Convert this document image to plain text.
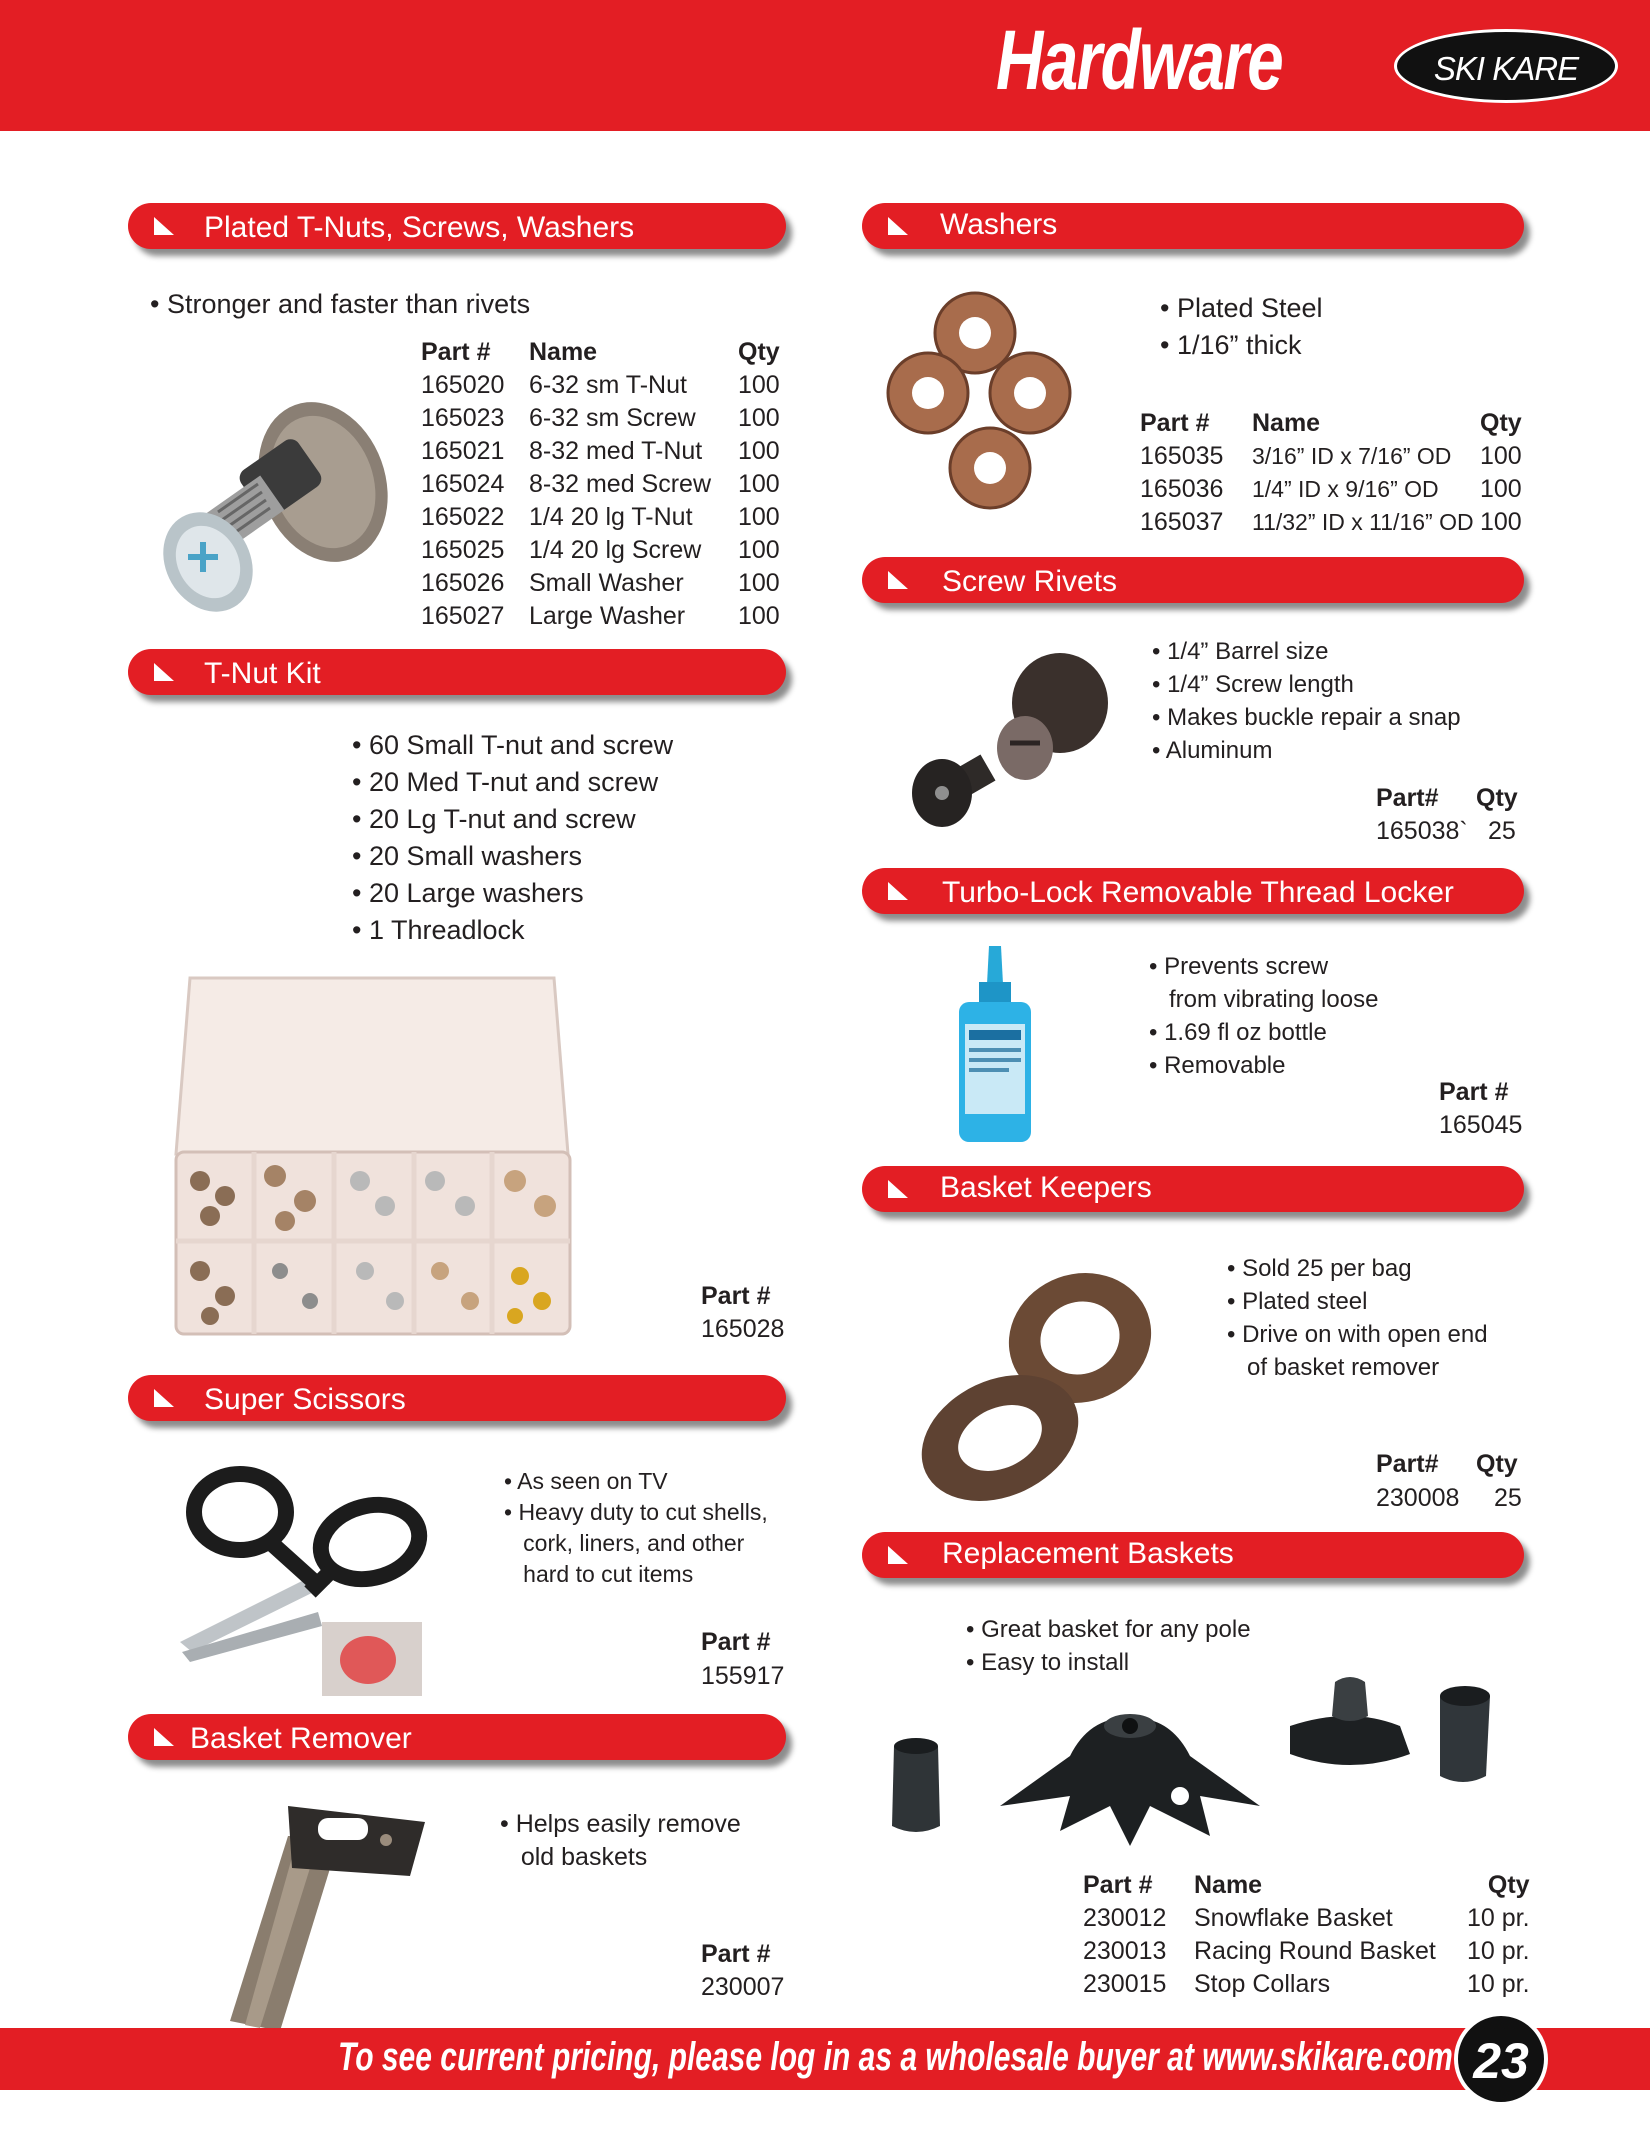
Hardware	SKI KARE
Plated T-Nuts, Screws, Washers
• Stronger and faster than rivets
Part #	Name	Qty
165020	6-32 sm T-Nut	100
165023	6-32 sm Screw	100
165021	8-32 med T-Nut	100
165024	8-32 med Screw	100
165022	1/4 20 lg T-Nut	100
165025	1/4 20 lg Screw	100
165026	Small Washer	100
165027	Large Washer	100
T-Nut Kit
• 60 Small T-nut and screw
• 20 Med T-nut and screw
• 20 Lg T-nut and screw
• 20 Small washers
• 20 Large washers
• 1 Threadlock
Part #
165028
Super Scissors
• As seen on TV
• Heavy duty to cut shells,
cork, liners, and other
hard to cut items
Part #
155917
Basket Remover
• Helps easily remove
old baskets
Part #
230007
Washers
• Plated Steel
• 1/16” thick
Part #	Name	Qty
165035	3/16” ID x 7/16” OD	100
165036	1/4” ID x 9/16” OD	100
165037	11/32” ID x 11/16” OD	100
Screw Rivets
• 1/4” Barrel size
• 1/4” Screw length
• Makes buckle repair a snap
• Aluminum
Part# Qty
165038` 25
Turbo-Lock Removable Thread Locker
• Prevents screw
from vibrating loose
• 1.69 fl oz bottle
• Removable
Part #
165045
Basket Keepers
• Sold 25 per bag
• Plated steel
• Drive on with open end
of basket remover
Part# Qty
230008 25
Replacement Baskets
• Great basket for any pole
• Easy to install
Part #	Name	Qty
230012	Snowflake Basket	10 pr.
230013	Racing Round Basket	10 pr.
230015	Stop Collars	10 pr.
To see current pricing, please log in as a wholesale buyer at www.skikare.com 23
